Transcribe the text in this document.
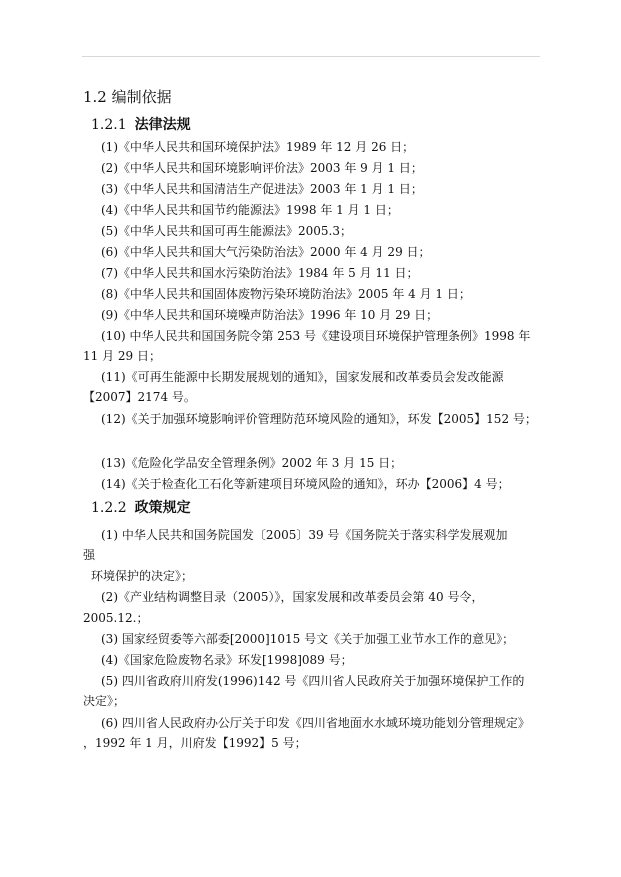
1.2 编制依据
1.2.1 法律法规
(1)《中华人民共和国环境保护法》1989 年 12 月 26 日；
(2)《中华人民共和国环境影响评价法》2003 年 9 月 1 日；
(3)《中华人民共和国清洁生产促进法》2003 年 1 月 1 日；
(4)《中华人民共和国节约能源法》1998 年 1 月 1 日；
(5)《中华人民共和国可再生能源法》2005.3；
(6)《中华人民共和国大气污染防治法》2000 年 4 月 29 日；
(7)《中华人民共和国水污染防治法》1984 年 5 月 11 日；
(8)《中华人民共和国固体废物污染环境防治法》2005 年 4 月 1 日；
(9)《中华人民共和国环境噪声防治法》1996 年 10 月 29 日；
(10) 中华人民共和国国务院令第 253 号《建设项目环境保护管理条例》1998 年
11 月 29 日；
(11)《可再生能源中长期发展规划的通知》，国家发展和改革委员会发改能源
【2007】2174 号。
(12)《关于加强环境影响评价管理防范环境风险的通知》，环发【2005】152 号；
(13)《危险化学品安全管理条例》2002 年 3 月 15 日；
(14)《关于检查化工石化等新建项目环境风险的通知》，环办【2006】4 号；
1.2.2 政策规定
(1) 中华人民共和国务院国发〔2005〕39 号《国务院关于落实科学发展观加
强
环境保护的决定》；
(2)《产业结构调整目录（2005）》，国家发展和改革委员会第 40 号令，
2005.12.；
(3) 国家经贸委等六部委[2000]1015 号文《关于加强工业节水工作的意见》；
(4)《国家危险废物名录》环发[1998]089 号；
(5) 四川省政府川府发(1996)142 号《四川省人民政府关于加强环境保护工作的
决定》；
(6) 四川省人民政府办公厅关于印发《四川省地面水水域环境功能划分管理规定》
，1992 年 1 月，川府发【1992】5 号；
